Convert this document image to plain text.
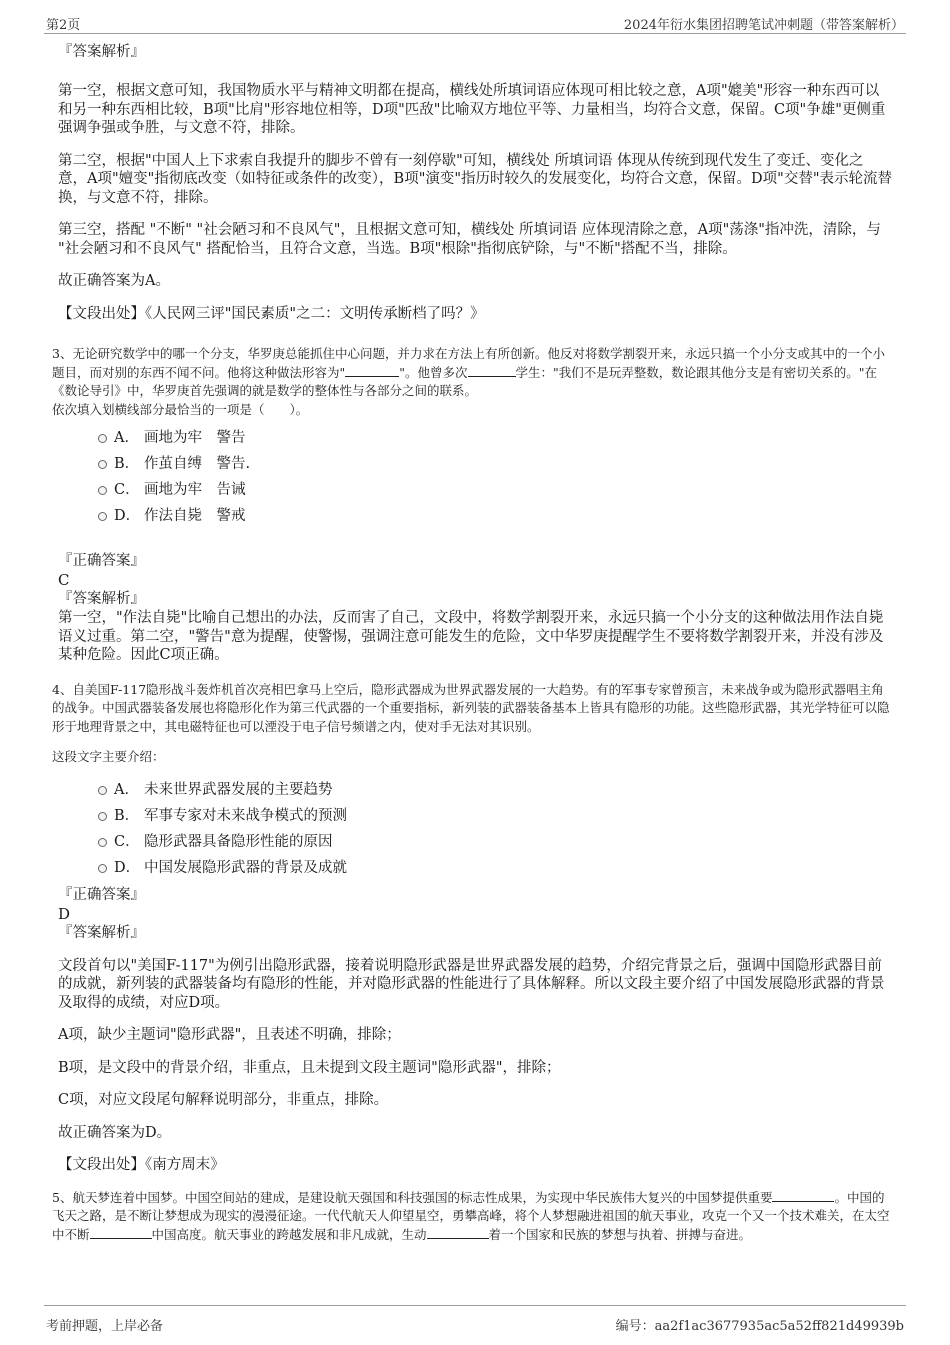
第2页	2024年衍水集团招聘笔试冲刺题（带答案解析）
『答案解析』

第一空，根据文意可知，我国物质水平与精神文明都在提高，横线处所填词语应体现可相比较之意，A项"媲美"形容一种东西可以和另一种东西相比较，B项"比肩"形容地位相等，D项"匹敌"比喻双方地位平等、力量相当，均符合文意，保留。C项"争雄"更侧重强调争强或争胜，与文意不符，排除。

第二空，根据"中国人上下求索自我提升的脚步不曾有一刻停歇"可知，横线处 所填词语 体现从传统到现代发生了变迁、变化之意，A项"嬗变"指彻底改变（如特征或条件的改变），B项"演变"指历时较久的发展变化，均符合文意，保留。D项"交替"表示轮流替换，与文意不符，排除。

第三空，搭配 "不断" "社会陋习和不良风气"，且根据文意可知，横线处 所填词语 应体现清除之意，A项"荡涤"指冲洗，清除，与 "社会陋习和不良风气" 搭配恰当，且符合文意，当选。B项"根除"指彻底铲除，与"不断"搭配不当，排除。

故正确答案为A。

【文段出处】《人民网三评"国民素质"之二：文明传承断档了吗？》

3、无论研究数学中的哪一个分支，华罗庚总能抓住中心问题，并力求在方法上有所创新。他反对将数学割裂开来，永远只搞一个小分支或其中的一个小题目，而对别的东西不闻不问。他将这种做法形容为"	"。他曾多次	学生："我们不是玩弄整数，数论跟其他分支是有密切关系的。"在《数论导引》中，华罗庚首先强调的就是数学的整体性与各部分之间的联系。
依次填入划横线部分最恰当的一项是（　　）。
A． 画地为牢　警告
B． 作茧自缚　警告.
C． 画地为牢　告诫
D． 作法自毙　警戒
『正确答案』
C
『答案解析』

第一空，"作法自毙"比喻自己想出的办法，反而害了自己，文段中，将数学割裂开来，永远只搞一个小分支的这种做法用作法自毙语义过重。第二空，"警告"意为提醒，使警惕，强调注意可能发生的危险，文中华罗庚提醒学生不要将数学割裂开来，并没有涉及某种危险。因此C项正确。

4、自美国F-117隐形战斗轰炸机首次亮相巴拿马上空后，隐形武器成为世界武器发展的一大趋势。有的军事专家曾预言，未来战争或为隐形武器唱主角的战争。中国武器装备发展也将隐形化作为第三代武器的一个重要指标，新列装的武器装备基本上皆具有隐形的功能。这些隐形武器，其光学特征可以隐形于地理背景之中，其电磁特征也可以湮没于电子信号频谱之内，使对手无法对其识别。
这段文字主要介绍：
A． 未来世界武器发展的主要趋势
B． 军事专家对未来战争模式的预测
C． 隐形武器具备隐形性能的原因
D． 中国发展隐形武器的背景及成就
『正确答案』
D
『答案解析』

文段首句以"美国F-117"为例引出隐形武器，接着说明隐形武器是世界武器发展的趋势，介绍完背景之后，强调中国隐形武器目前的成就，新列装的武器装备均有隐形的性能，并对隐形武器的性能进行了具体解释。所以文段主要介绍了中国发展隐形武器的背景及取得的成绩，对应D项。

A项，缺少主题词"隐形武器"，且表述不明确，排除；

B项，是文段中的背景介绍，非重点，且未提到文段主题词"隐形武器"，排除；

C项，对应文段尾句解释说明部分，非重点，排除。

故正确答案为D。

【文段出处】《南方周末》

5、航天梦连着中国梦。中国空间站的建成，是建设航天强国和科技强国的标志性成果，为实现中华民族伟大复兴的中国梦提供重要	。中国的飞天之路，是不断让梦想成为现实的漫漫征途。一代代航天人仰望星空，勇攀高峰，将个人梦想融进祖国的航天事业，攻克一个又一个技术难关，在太空中不断	中国高度。航天事业的跨越发展和非凡成就，生动	着一个国家和民族的梦想与执着、拼搏与奋进。
考前押题，上岸必备	编号：aa2f1ac3677935ac5a52ff821d49939b
